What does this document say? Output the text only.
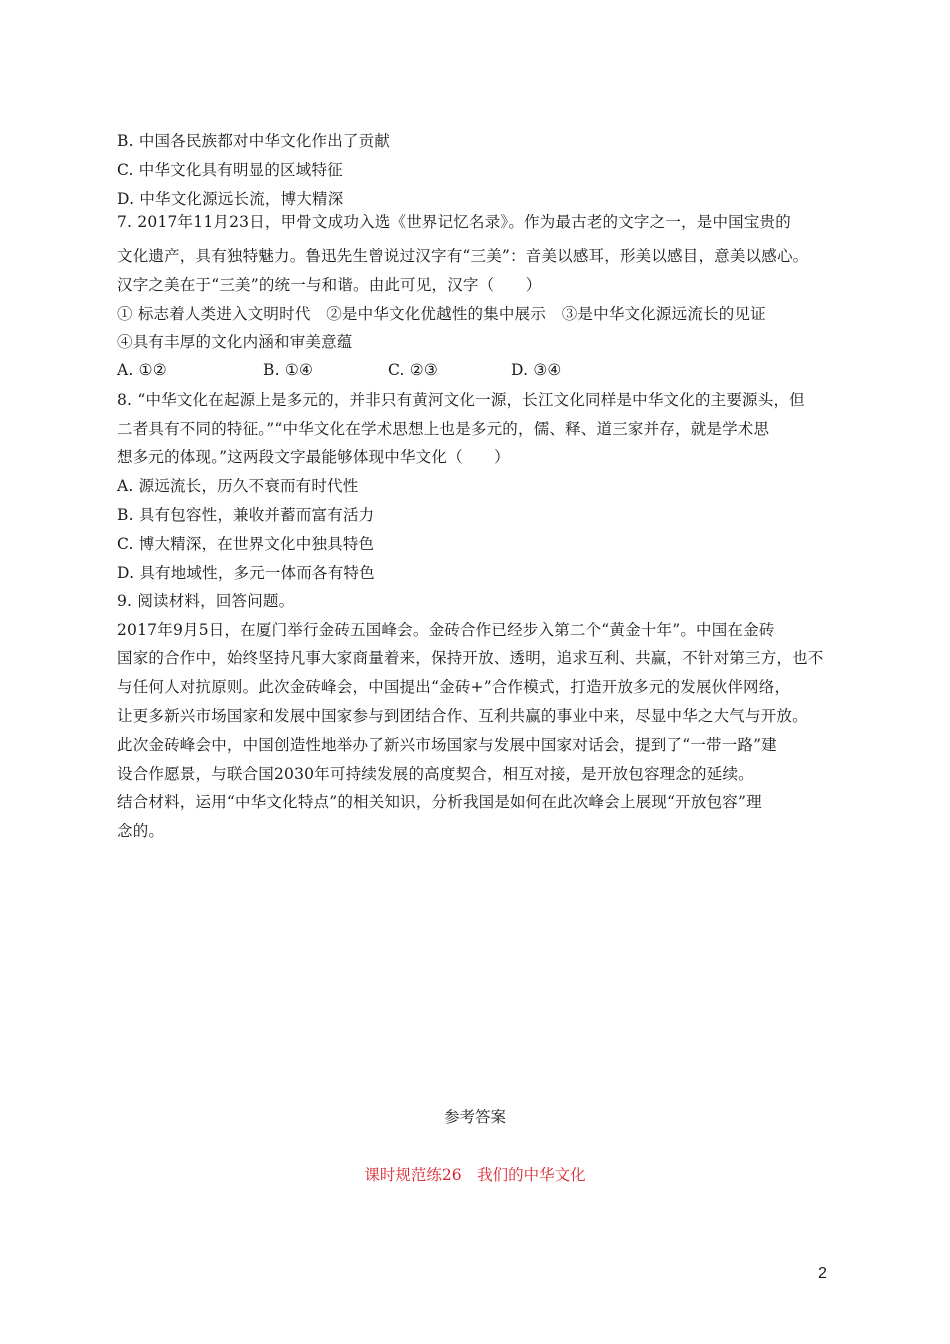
B. 中国各民族都对中华文化作出了贡献
C. 中华文化具有明显的区域特征
D. 中华文化源远长流，博大精深
7. 2017年11月23日，甲骨文成功入选《世界记忆名录》。作为最古老的文字之一，是中国宝贵的
文化遗产，具有独特魅力。鲁迅先生曾说过汉字有“三美”：音美以感耳，形美以感目，意美以感心。
汉字之美在于“三美”的统一与和谐。由此可见，汉字（　　）
① 标志着人类进入文明时代　②是中华文化优越性的集中展示　③是中华文化源远流长的见证
④具有丰厚的文化内涵和审美意蕴
A. ①②	B. ①④	C. ②③	D. ③④
8. “中华文化在起源上是多元的，并非只有黄河文化一源，长江文化同样是中华文化的主要源头，但
二者具有不同的特征。”“中华文化在学术思想上也是多元的，儒、释、道三家并存，就是学术思
想多元的体现。”这两段文字最能够体现中华文化（　　）
A. 源远流长，历久不衰而有时代性
B. 具有包容性，兼收并蓄而富有活力
C. 博大精深，在世界文化中独具特色
D. 具有地域性，多元一体而各有特色
9. 阅读材料，回答问题。
2017年9月5日，在厦门举行金砖五国峰会。金砖合作已经步入第二个“黄金十年”。中国在金砖
国家的合作中，始终坚持凡事大家商量着来，保持开放、透明，追求互利、共赢，不针对第三方，也不
与任何人对抗原则。此次金砖峰会，中国提出“金砖+”合作模式，打造开放多元的发展伙伴网络，
让更多新兴市场国家和发展中国家参与到团结合作、互利共赢的事业中来，尽显中华之大气与开放。
此次金砖峰会中，中国创造性地举办了新兴市场国家与发展中国家对话会，提到了“一带一路”建
设合作愿景，与联合国2030年可持续发展的高度契合，相互对接，是开放包容理念的延续。
结合材料，运用“中华文化特点”的相关知识，分析我国是如何在此次峰会上展现“开放包容”理
念的。
参考答案
课时规范练26　我们的中华文化
2
